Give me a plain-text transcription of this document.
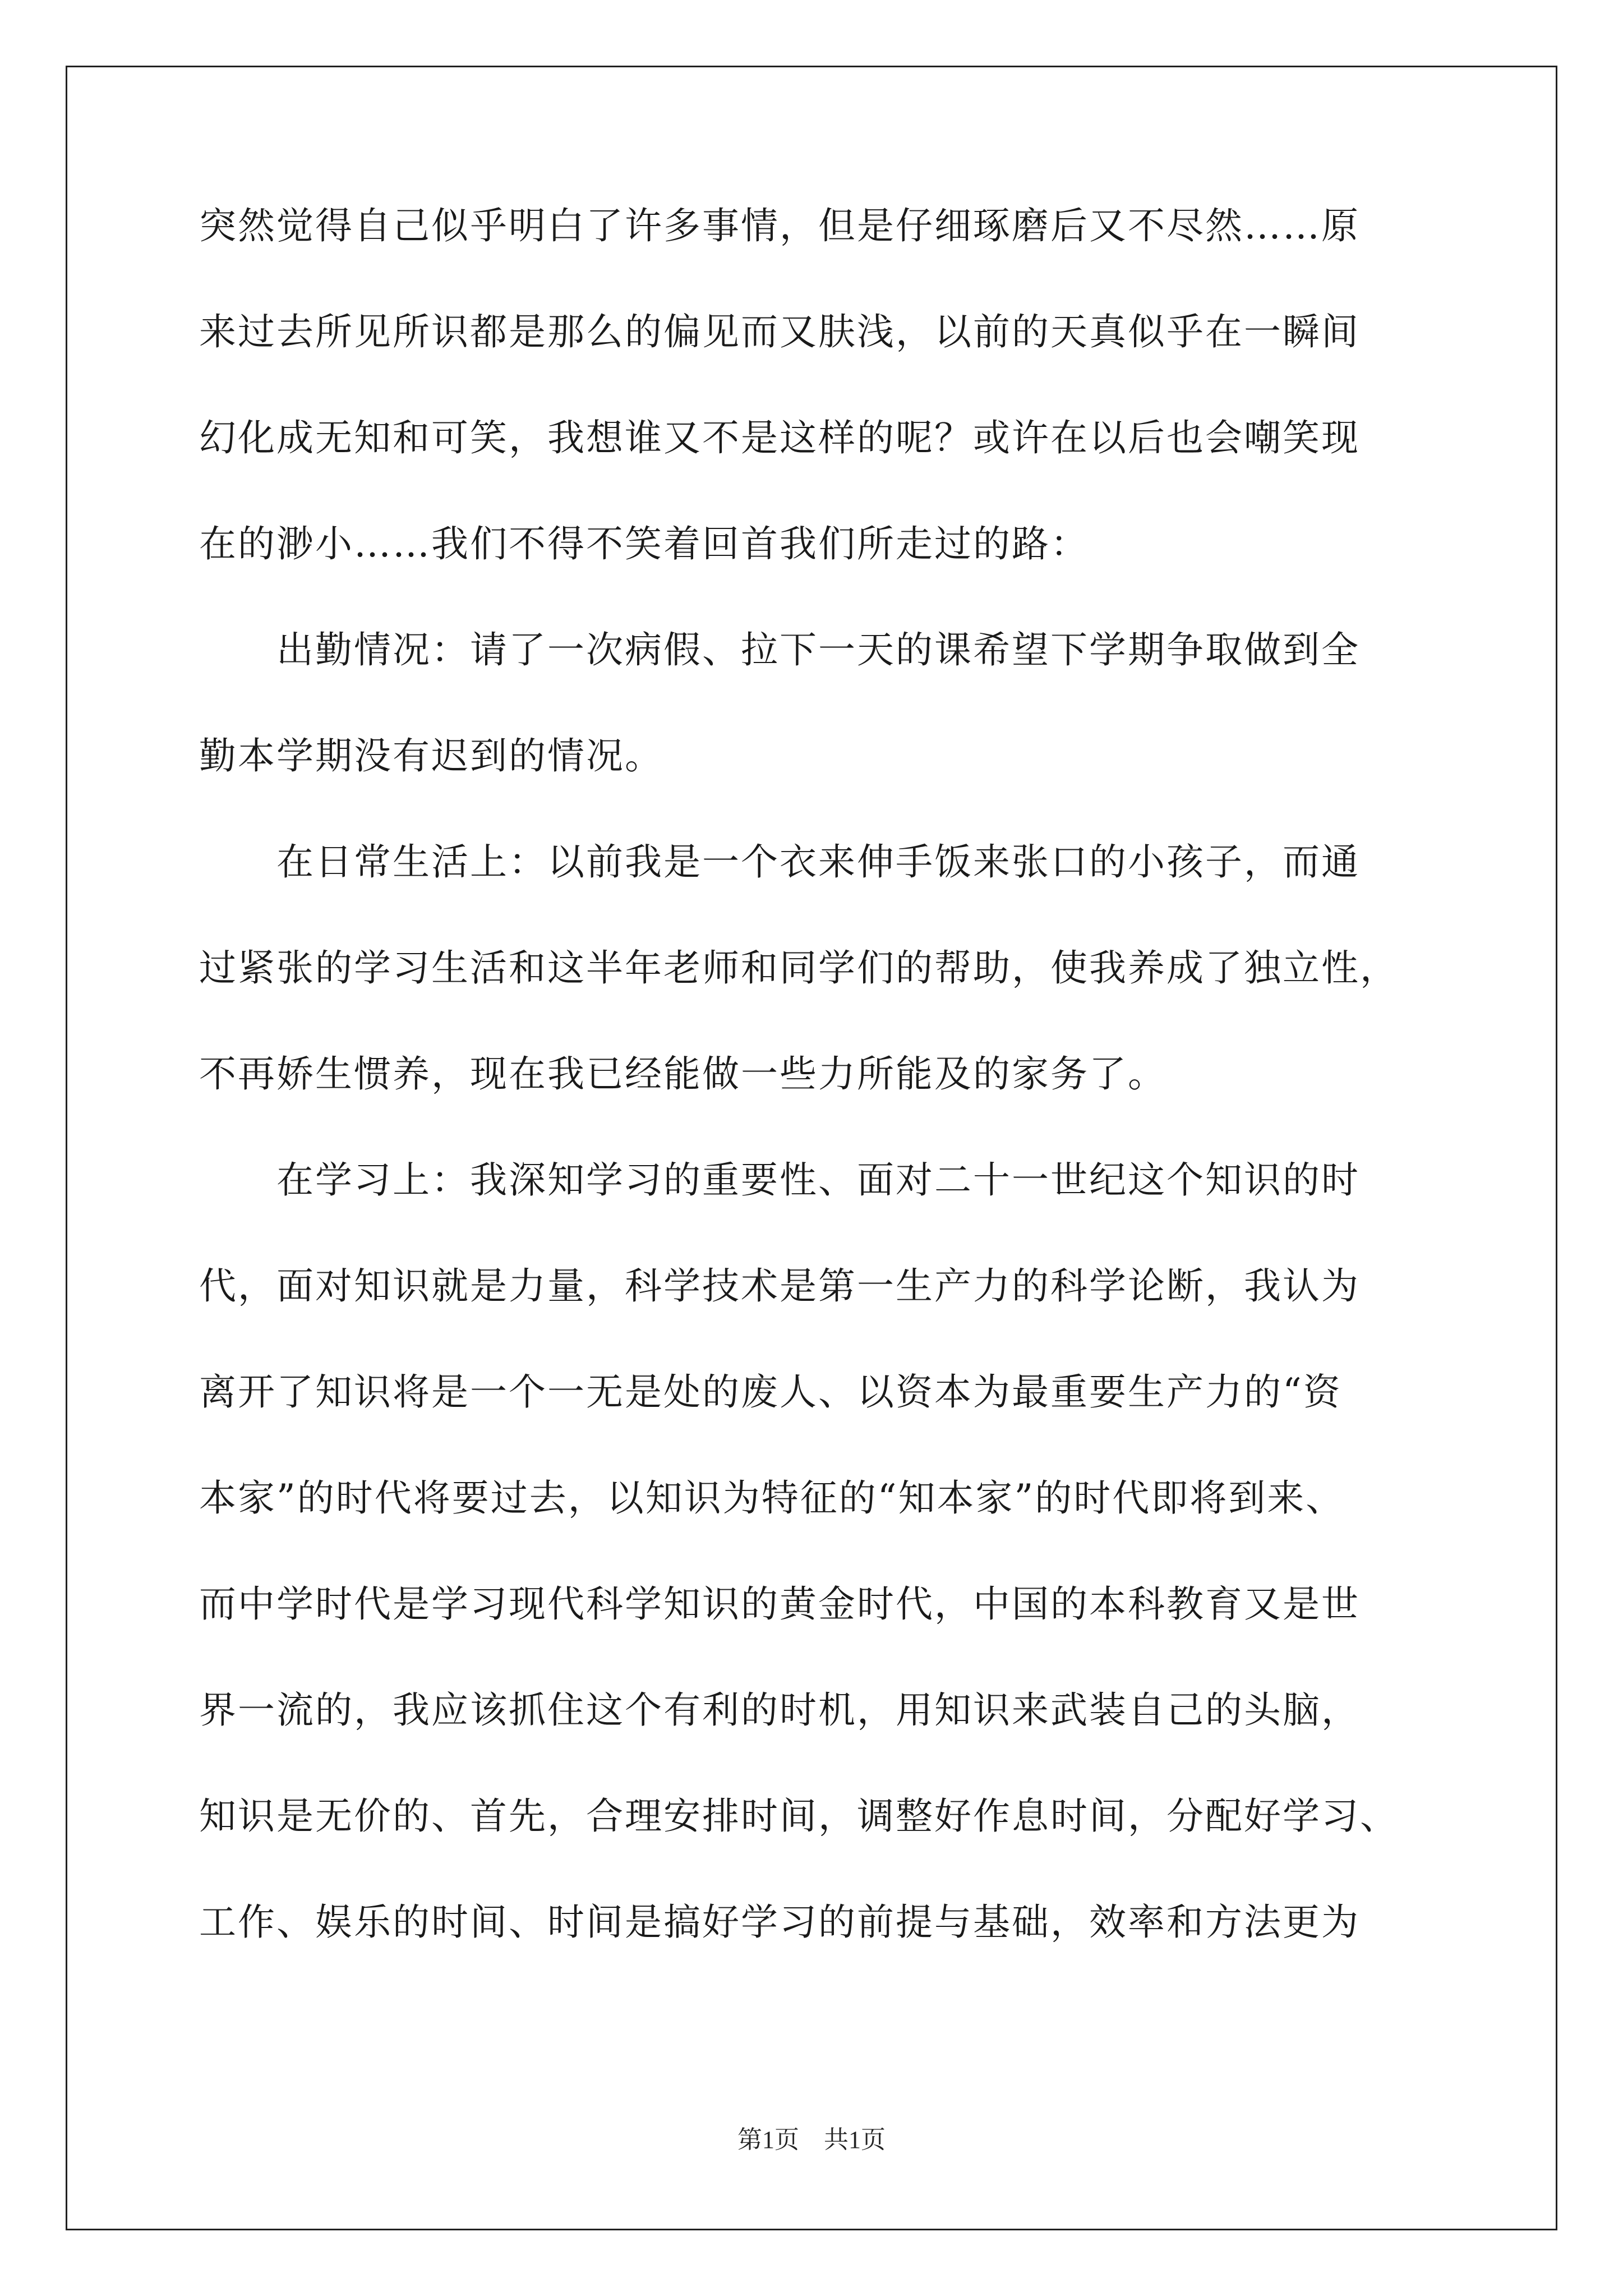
突然觉得自己似乎明白了许多事情，但是仔细琢磨后又不尽然……原
来过去所见所识都是那么的偏见而又肤浅，以前的天真似乎在一瞬间
幻化成无知和可笑，我想谁又不是这样的呢？或许在以后也会嘲笑现
在的渺小……我们不得不笑着回首我们所走过的路：
　　出勤情况：请了一次病假、拉下一天的课希望下学期争取做到全
勤本学期没有迟到的情况。
　　在日常生活上：以前我是一个衣来伸手饭来张口的小孩子，而通
过紧张的学习生活和这半年老师和同学们的帮助，使我养成了独立性，
不再娇生惯养，现在我已经能做一些力所能及的家务了。
　　在学习上：我深知学习的重要性、面对二十一世纪这个知识的时
代，面对知识就是力量，科学技术是第一生产力的科学论断，我认为
离开了知识将是一个一无是处的废人、以资本为最重要生产力的“资
本家”的时代将要过去，以知识为特征的“知本家”的时代即将到来、
而中学时代是学习现代科学知识的黄金时代，中国的本科教育又是世
界一流的，我应该抓住这个有利的时机，用知识来武装自己的头脑，
知识是无价的、首先，合理安排时间，调整好作息时间，分配好学习、
工作、娱乐的时间、时间是搞好学习的前提与基础，效率和方法更为
第1页　共1页
